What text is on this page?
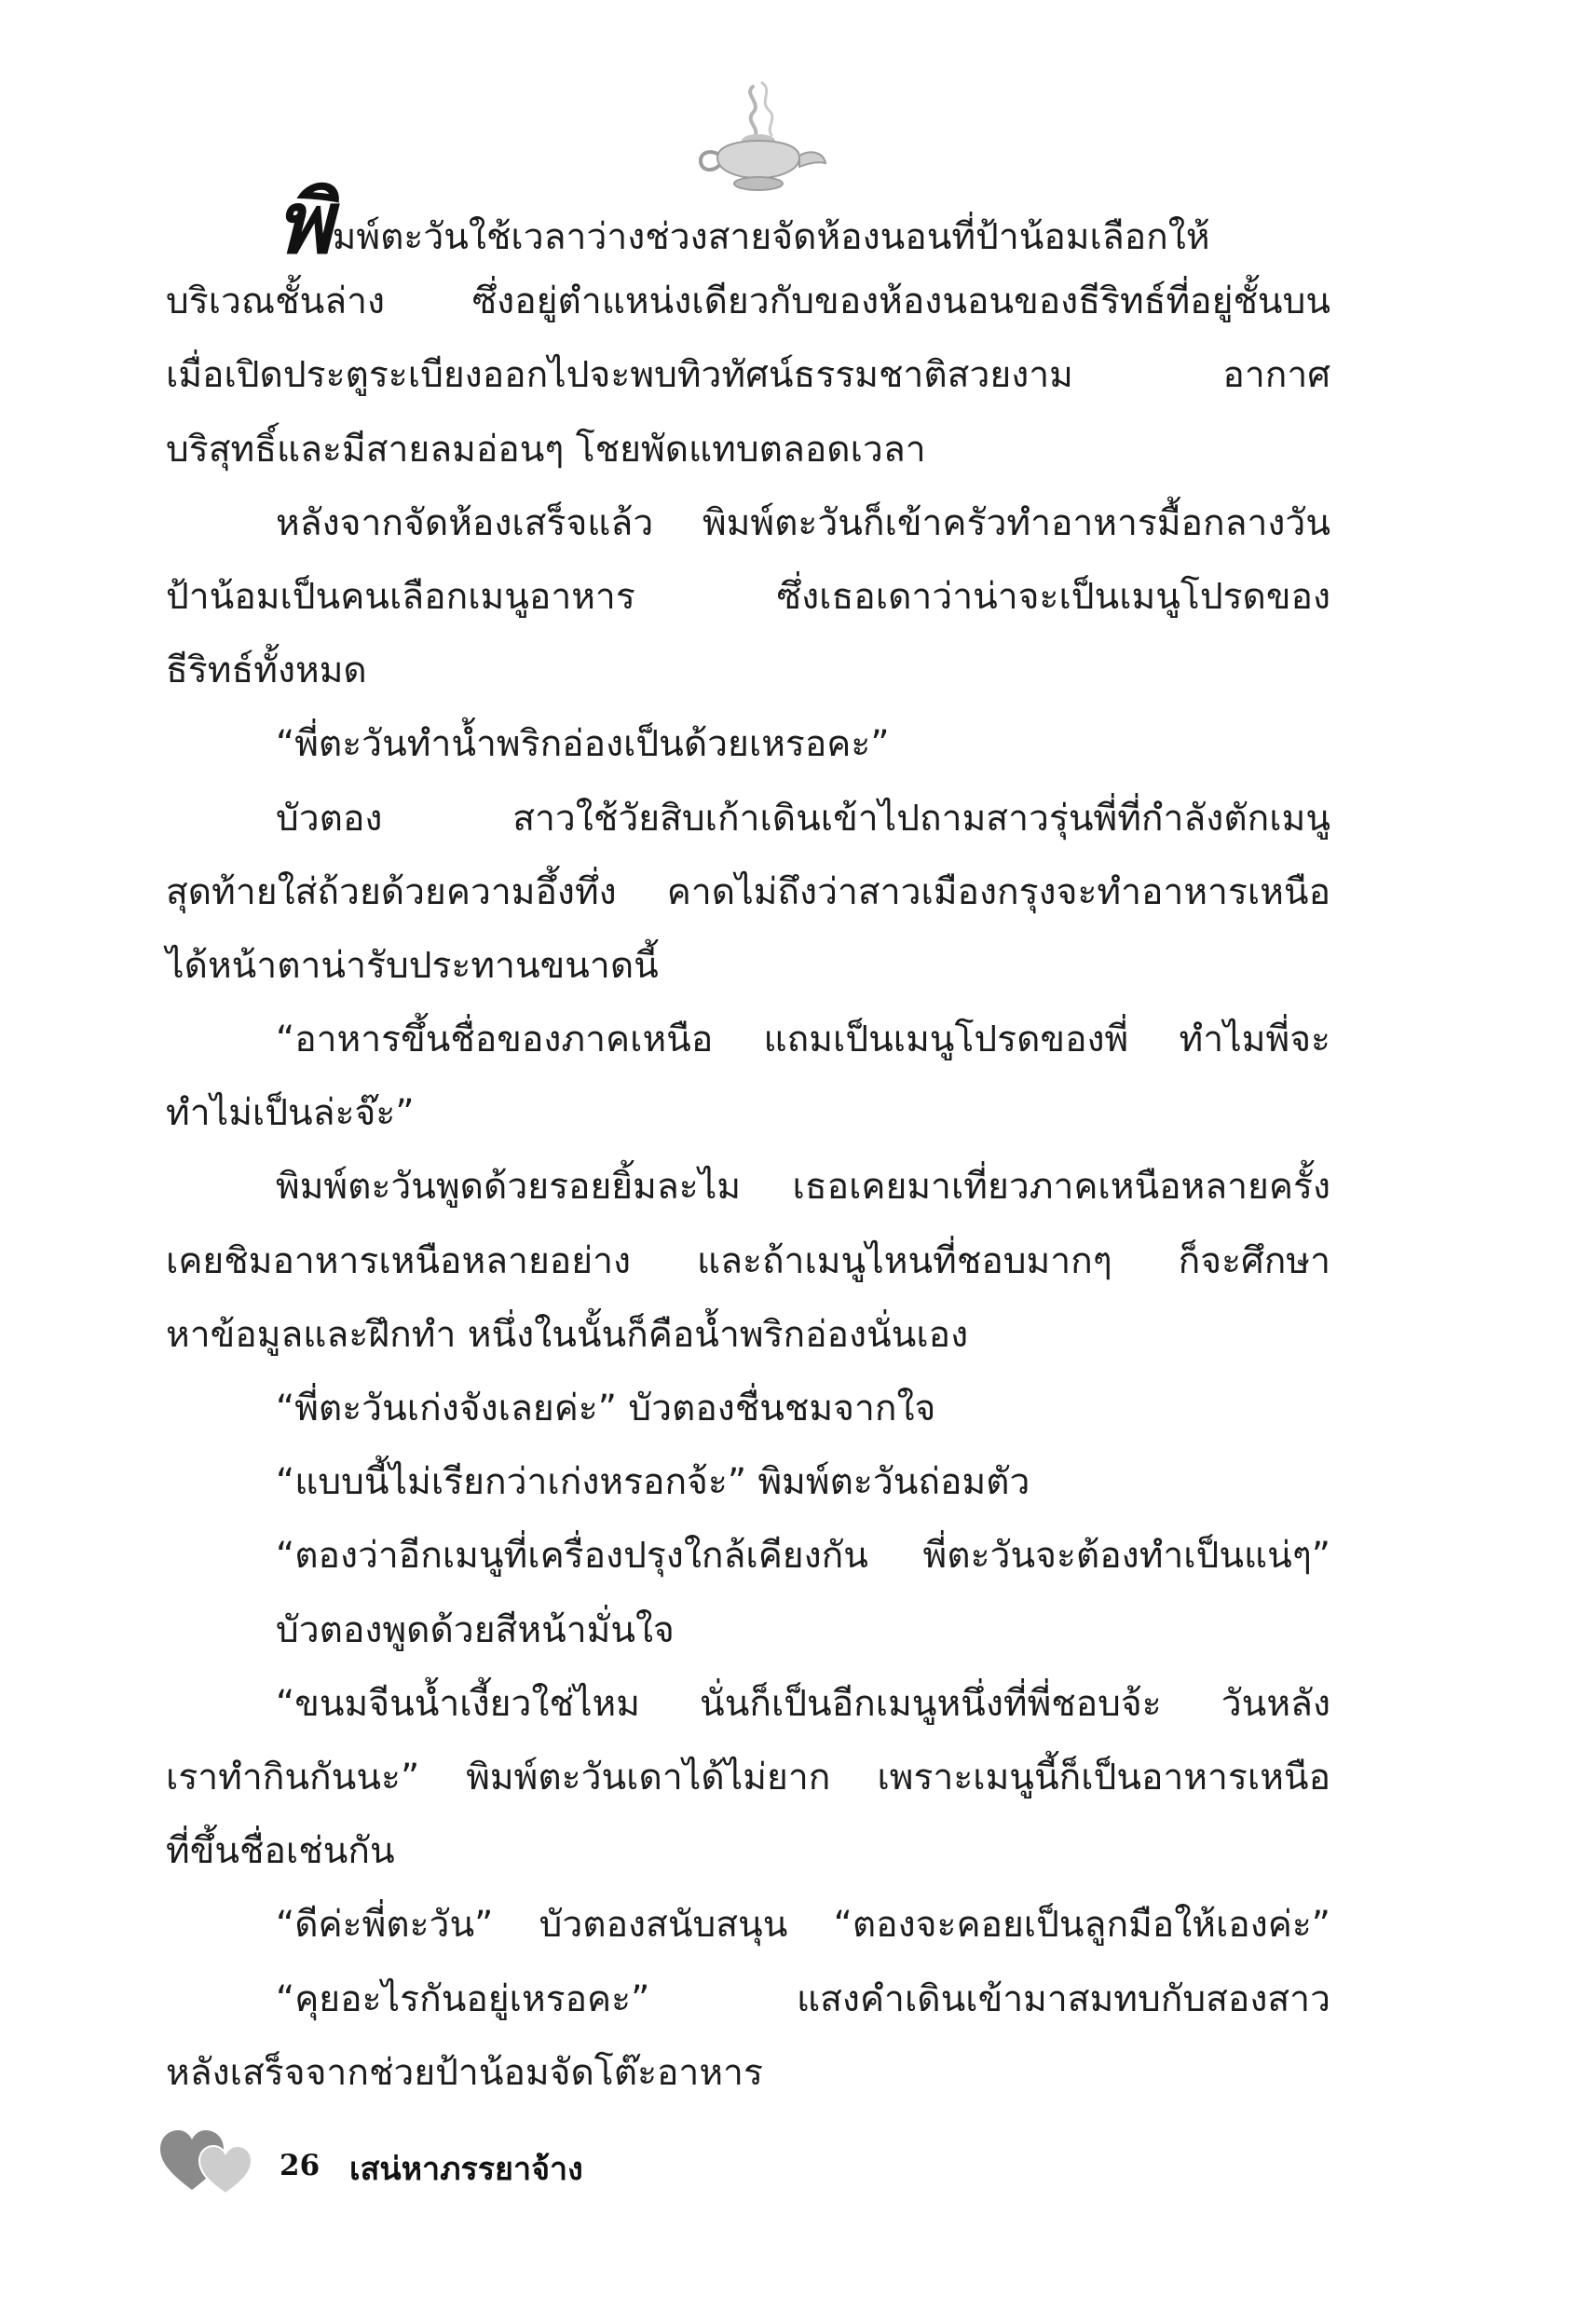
พิมพ์ตะวันใช้เวลาว่างช่วงสายจัดห้องนอนที่ป้าน้อมเลือกให้

บริเวณชั้นล่าง ซึ่งอยู่ตำแหน่งเดียวกับของห้องนอนของธีริทธ์ที่อยู่ชั้นบน
เมื่อเปิดประตูระเบียงออกไปจะพบทิวทัศน์ธรรมชาติสวยงาม อากาศ
บริสุทธิ์และมีสายลมอ่อนๆ โชยพัดแทบตลอดเวลา
หลังจากจัดห้องเสร็จแล้ว พิมพ์ตะวันก็เข้าครัวทำอาหารมื้อกลางวัน
ป้าน้อมเป็นคนเลือกเมนูอาหาร ซึ่งเธอเดาว่าน่าจะเป็นเมนูโปรดของ
ธีริทธ์ทั้งหมด
“พี่ตะวันทำน้ำพริกอ่องเป็นด้วยเหรอคะ”
บัวตอง สาวใช้วัยสิบเก้าเดินเข้าไปถามสาวรุ่นพี่ที่กำลังตักเมนู
สุดท้ายใส่ถ้วยด้วยความอึ้งทึ่ง คาดไม่ถึงว่าสาวเมืองกรุงจะทำอาหารเหนือ
ได้หน้าตาน่ารับประทานขนาดนี้
“อาหารขึ้นชื่อของภาคเหนือ แถมเป็นเมนูโปรดของพี่ ทำไมพี่จะ
ทำไม่เป็นล่ะจ๊ะ”
พิมพ์ตะวันพูดด้วยรอยยิ้มละไม เธอเคยมาเที่ยวภาคเหนือหลายครั้ง
เคยชิมอาหารเหนือหลายอย่าง และถ้าเมนูไหนที่ชอบมากๆ ก็จะศึกษา
หาข้อมูลและฝึกทำ หนึ่งในนั้นก็คือน้ำพริกอ่องนั่นเอง
“พี่ตะวันเก่งจังเลยค่ะ” บัวตองชื่นชมจากใจ
“แบบนี้ไม่เรียกว่าเก่งหรอกจ้ะ” พิมพ์ตะวันถ่อมตัว
“ตองว่าอีกเมนูที่เครื่องปรุงใกล้เคียงกัน พี่ตะวันจะต้องทำเป็นแน่ๆ”
บัวตองพูดด้วยสีหน้ามั่นใจ
“ขนมจีนน้ำเงี้ยวใช่ไหม นั่นก็เป็นอีกเมนูหนึ่งที่พี่ชอบจ้ะ วันหลัง
เราทำกินกันนะ” พิมพ์ตะวันเดาได้ไม่ยาก เพราะเมนูนี้ก็เป็นอาหารเหนือ
ที่ขึ้นชื่อเช่นกัน
“ดีค่ะพี่ตะวัน” บัวตองสนับสนุน “ตองจะคอยเป็นลูกมือให้เองค่ะ”
“คุยอะไรกันอยู่เหรอคะ” แสงคำเดินเข้ามาสมทบกับสองสาว
หลังเสร็จจากช่วยป้าน้อมจัดโต๊ะอาหาร
26 เสน่หาภรรยาจ้าง
